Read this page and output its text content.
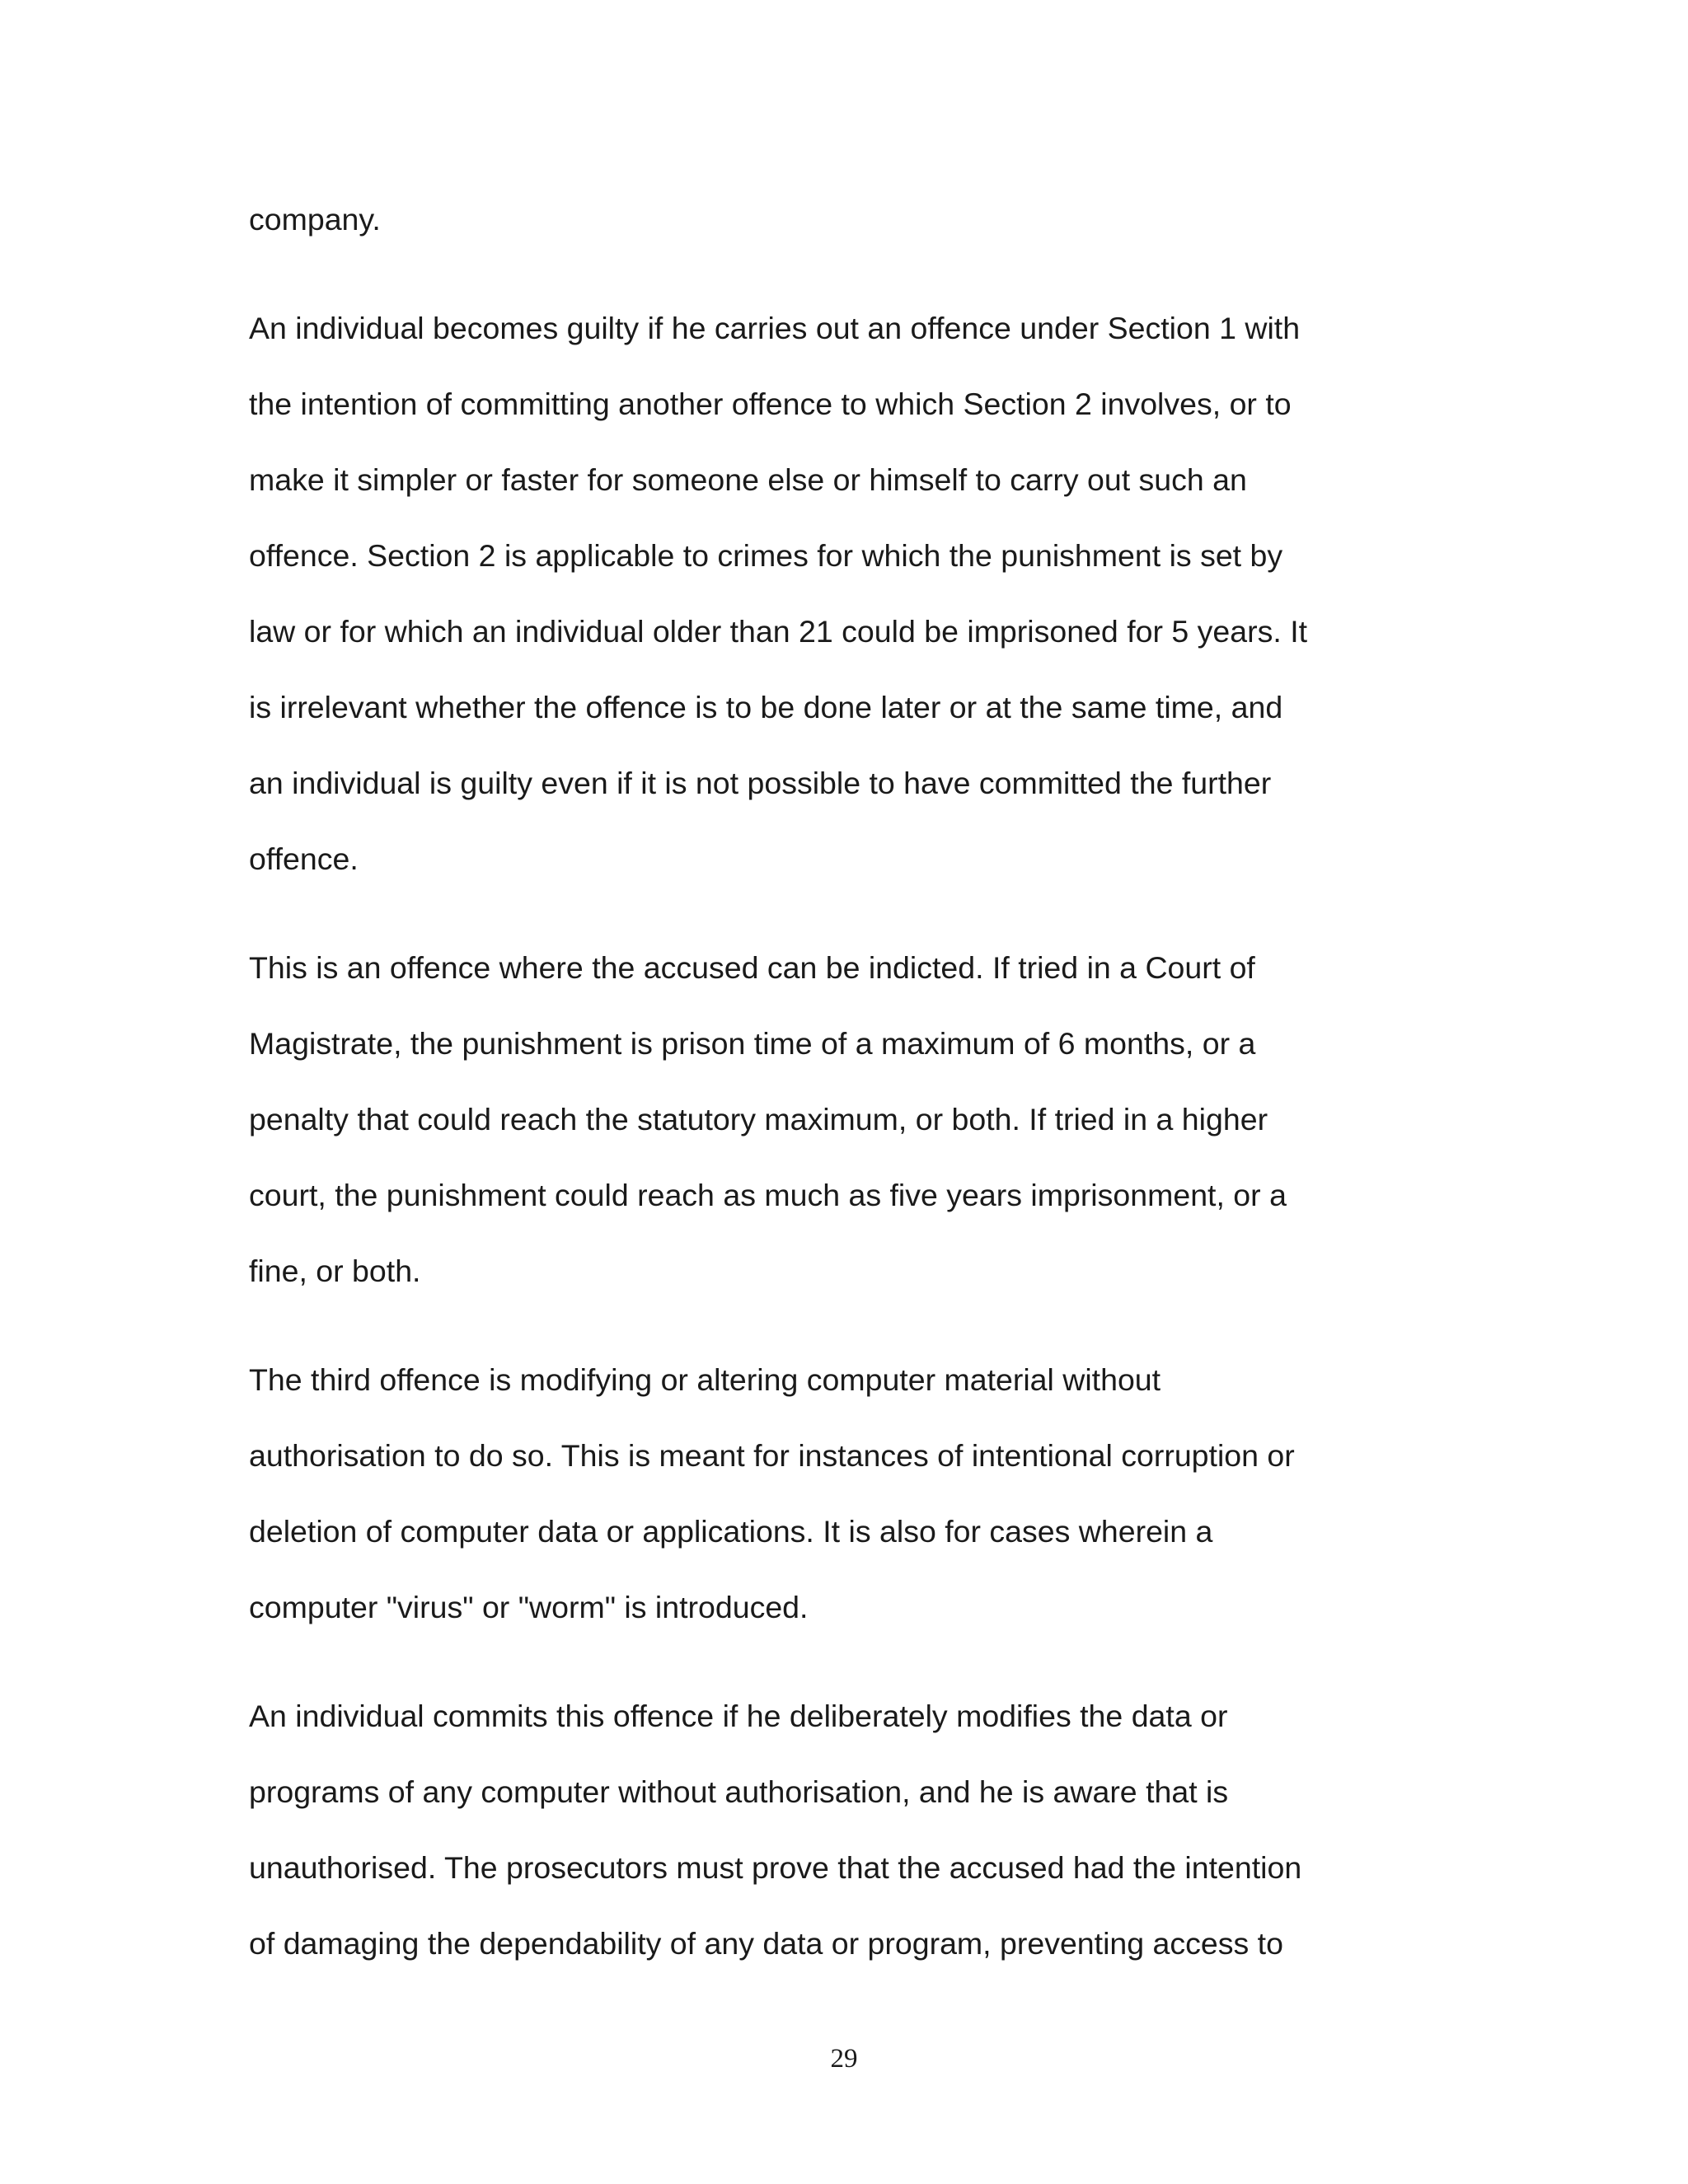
company.
An individual becomes guilty if he carries out an offence under Section 1 with
the intention of committing another offence to which Section 2 involves, or to
make it simpler or faster for someone else or himself to carry out such an
offence. Section 2 is applicable to crimes for which the punishment is set by
law or for which an individual older than 21 could be imprisoned for 5 years. It
is irrelevant whether the offence is to be done later or at the same time, and
an individual is guilty even if it is not possible to have committed the further
offence.
This is an offence where the accused can be indicted. If tried in a Court of
Magistrate, the punishment is prison time of a maximum of 6 months, or a
penalty that could reach the statutory maximum, or both. If tried in a higher
court, the punishment could reach as much as five years imprisonment, or a
fine, or both.
The third offence is modifying or altering computer material without
authorisation to do so. This is meant for instances of intentional corruption or
deletion of computer data or applications. It is also for cases wherein a
computer "virus" or "worm" is introduced.
An individual commits this offence if he deliberately modifies the data or
programs of any computer without authorisation, and he is aware that is
unauthorised. The prosecutors must prove that the accused had the intention
of damaging the dependability of any data or program, preventing access to
29
